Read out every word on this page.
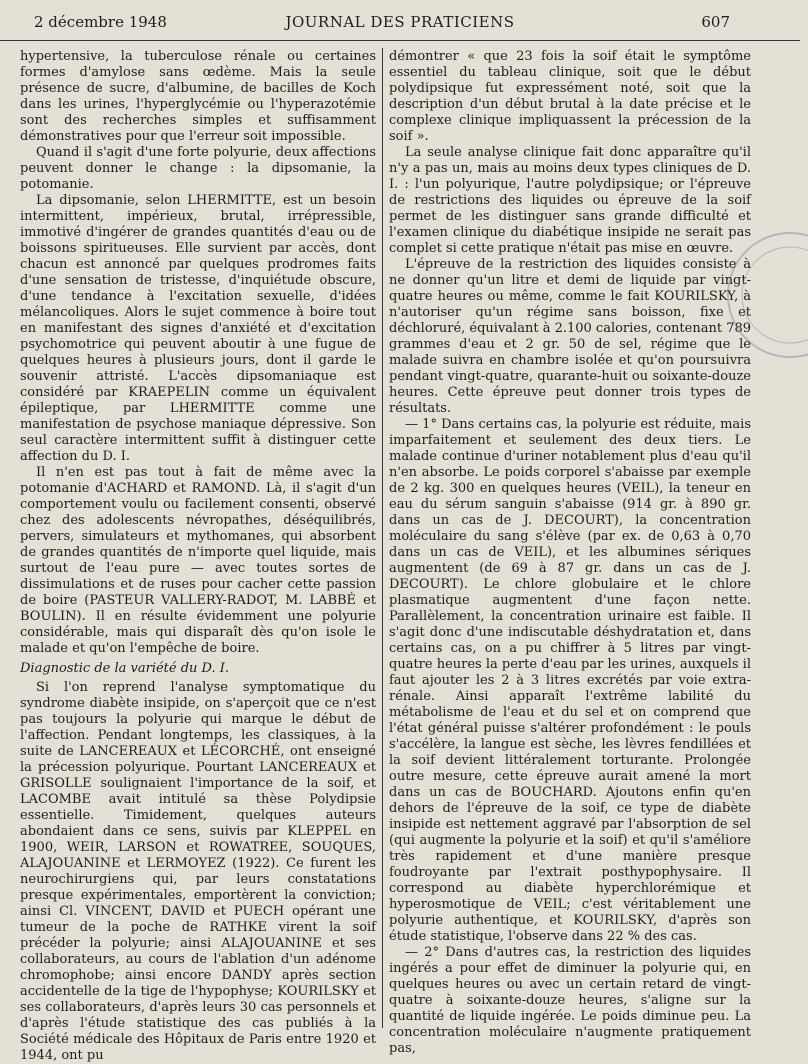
2 décembre 1948	JOURNAL DES PRATICIENS	607

hypertensive, la tuberculose rénale ou certaines formes d'amylose sans œdème. Mais la seule présence de sucre, d'albumine, de bacilles de Koch dans les urines, l'hyperglycémie ou l'hyperazotémie sont des recherches simples et suffisamment démonstratives pour que l'erreur soit impossible.

Quand il s'agit d'une forte polyurie, deux affections peuvent donner le change : la dipsomanie, la potomanie.

La dipsomanie, selon LHERMITTE, est un besoin intermittent, impérieux, brutal, irrépressible, immotivé d'ingérer de grandes quantités d'eau ou de boissons spiritueuses. Elle survient par accès, dont chacun est annoncé par quelques prodromes faits d'une sensation de tristesse, d'inquiétude obscure, d'une tendance à l'excitation sexuelle, d'idées mélancoliques. Alors le sujet commence à boire tout en manifestant des signes d'anxiété et d'excitation psychomotrice qui peuvent aboutir à une fugue de quelques heures à plusieurs jours, dont il garde le souvenir attristé. L'accès dipsomaniaque est considéré par KRAEPELIN comme un équivalent épileptique, par LHERMITTE comme une manifestation de psychose maniaque dépressive. Son seul caractère intermittent suffit à distinguer cette affection du D. I.

Il n'en est pas tout à fait de même avec la potomanie d'ACHARD et RAMOND. Là, il s'agit d'un comportement voulu ou facilement consenti, observé chez des adolescents névropathes, déséquilibrés, pervers, simulateurs et mythomanes, qui absorbent de grandes quantités de n'importe quel liquide, mais surtout de l'eau pure — avec toutes sortes de dissimulations et de ruses pour cacher cette passion de boire (PASTEUR VALLERY-RADOT, M. LABBÉ et BOULIN). Il en résulte évidemment une polyurie considérable, mais qui disparaît dès qu'on isole le malade et qu'on l'empêche de boire.

Diagnostic de la variété du D. I.

Si l'on reprend l'analyse symptomatique du syndrome diabète insipide, on s'aperçoit que ce n'est pas toujours la polyurie qui marque le début de l'affection. Pendant longtemps, les classiques, à la suite de LANCEREAUX et LÉCORCHÉ, ont enseigné la précession polyurique. Pourtant LANCEREAUX et GRISOLLE soulignaient l'importance de la soif, et LACOMBE avait intitulé sa thèse Polydipsie essentielle. Timidement, quelques auteurs abondaient dans ce sens, suivis par KLEPPEL en 1900, WEIR, LARSON et ROWATREE, SOUQUES, ALAJOUANINE et LERMOYEZ (1922). Ce furent les neurochirurgiens qui, par leurs constatations presque expérimentales, emportèrent la conviction; ainsi Cl. VINCENT, DAVID et PUECH opérant une tumeur de la poche de RATHKE virent la soif précéder la polyurie; ainsi ALAJOUANINE et ses collaborateurs, au cours de l'ablation d'un adénome chromophobe; ainsi encore DANDY après section accidentelle de la tige de l'hypophyse; KOURILSKY et ses collaborateurs, d'après leurs 30 cas personnels et d'après l'étude statistique des cas publiés à la Société médicale des Hôpitaux de Paris entre 1920 et 1944, ont pu

démontrer « que 23 fois la soif était le symptôme essentiel du tableau clinique, soit que le début polydipsique fut expressément noté, soit que la description d'un début brutal à la date précise et le complexe clinique impliquassent la précession de la soif ».

La seule analyse clinique fait donc apparaître qu'il n'y a pas un, mais au moins deux types cliniques de D. I. : l'un polyurique, l'autre polydipsique; or l'épreuve de restrictions des liquides ou épreuve de la soif permet de les distinguer sans grande difficulté et l'examen clinique du diabétique insipide ne serait pas complet si cette pratique n'était pas mise en œuvre.

L'épreuve de la restriction des liquides consiste à ne donner qu'un litre et demi de liquide par vingt-quatre heures ou même, comme le fait KOURILSKY, à n'autoriser qu'un régime sans boisson, fixe et déchloruré, équivalant à 2.100 calories, contenant 789 grammes d'eau et 2 gr. 50 de sel, régime que le malade suivra en chambre isolée et qu'on poursuivra pendant vingt-quatre, quarante-huit ou soixante-douze heures. Cette épreuve peut donner trois types de résultats.

— 1° Dans certains cas, la polyurie est réduite, mais imparfaitement et seulement des deux tiers. Le malade continue d'uriner notablement plus d'eau qu'il n'en absorbe. Le poids corporel s'abaisse par exemple de 2 kg. 300 en quelques heures (VEIL), la teneur en eau du sérum sanguin s'abaisse (914 gr. à 890 gr. dans un cas de J. DECOURT), la concentration moléculaire du sang s'élève (par ex. de 0,63 à 0,70 dans un cas de VEIL), et les albumines sériques augmentent (de 69 à 87 gr. dans un cas de J. DECOURT). Le chlore globulaire et le chlore plasmatique augmentent d'une façon nette. Parallèlement, la concentration urinaire est faible. Il s'agit donc d'une indiscutable déshydratation et, dans certains cas, on a pu chiffrer à 5 litres par vingt-quatre heures la perte d'eau par les urines, auxquels il faut ajouter les 2 à 3 litres excrétés par voie extra-rénale. Ainsi apparaît l'extrême labilité du métabolisme de l'eau et du sel et on comprend que l'état général puisse s'altérer profondément : le pouls s'accélère, la langue est sèche, les lèvres fendillées et la soif devient littéralement torturante. Prolongée outre mesure, cette épreuve aurait amené la mort dans un cas de BOUCHARD. Ajoutons enfin qu'en dehors de l'épreuve de la soif, ce type de diabète insipide est nettement aggravé par l'absorption de sel (qui augmente la polyurie et la soif) et qu'il s'améliore très rapidement et d'une manière presque foudroyante par l'extrait posthypophysaire. Il correspond au diabète hyperchlorémique et hyperosmotique de VEIL; c'est véritablement une polyurie authentique, et KOURILSKY, d'après son étude statistique, l'observe dans 22 % des cas.

— 2° Dans d'autres cas, la restriction des liquides ingérés a pour effet de diminuer la polyurie qui, en quelques heures ou avec un certain retard de vingt-quatre à soixante-douze heures, s'aligne sur la quantité de liquide ingérée. Le poids diminue peu. La concentration moléculaire n'augmente pratiquement pas,
